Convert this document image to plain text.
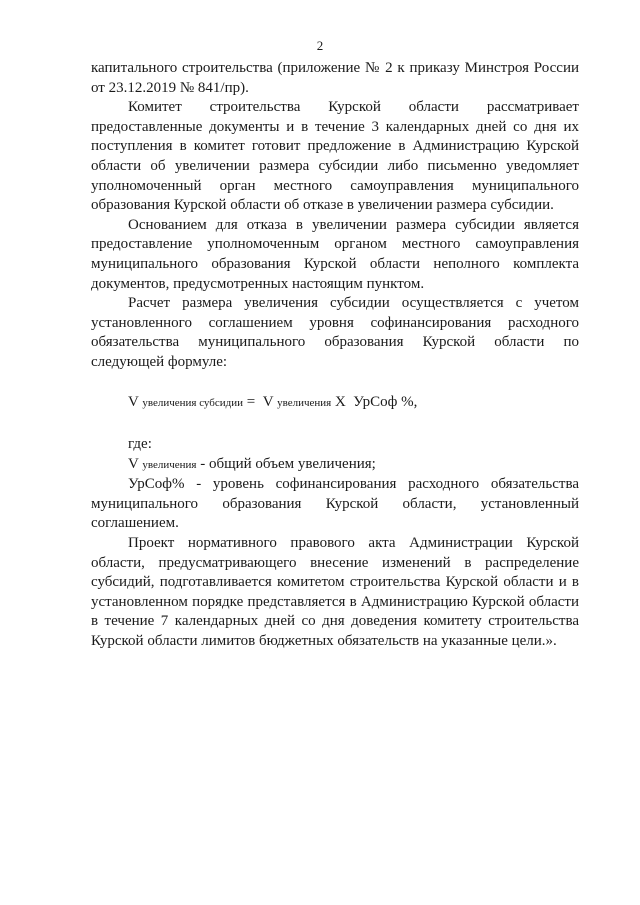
2

капитального строительства (приложение № 2 к приказу Минстроя России от 23.12.2019 № 841/пр).

Комитет строительства Курской области рассматривает предоставленные документы и в течение 3 календарных дней со дня их поступления в комитет готовит предложение в Администрацию Курской области об увеличении размера субсидии либо письменно уведомляет уполномоченный орган местного самоуправления муниципального образования Курской области об отказе в увеличении размера субсидии.

Основанием для отказа в увеличении размера субсидии является предоставление уполномоченным органом местного самоуправления муниципального образования Курской области неполного комплекта документов, предусмотренных настоящим пунктом.

Расчет размера увеличения субсидии осуществляется с учетом установленного соглашением уровня софинансирования расходного обязательства муниципального образования Курской области по следующей формуле:

V увеличения субсидии = V увеличения X УрСоф %,

где:

V увеличения - общий объем увеличения;

УрСоф% - уровень софинансирования расходного обязательства муниципального образования Курской области, установленный соглашением.

Проект нормативного правового акта Администрации Курской области, предусматривающего внесение изменений в распределение субсидий, подготавливается комитетом строительства Курской области и в установленном порядке представляется в Администрацию Курской области в течение 7 календарных дней со дня доведения комитету строительства Курской области лимитов бюджетных обязательств на указанные цели.».
